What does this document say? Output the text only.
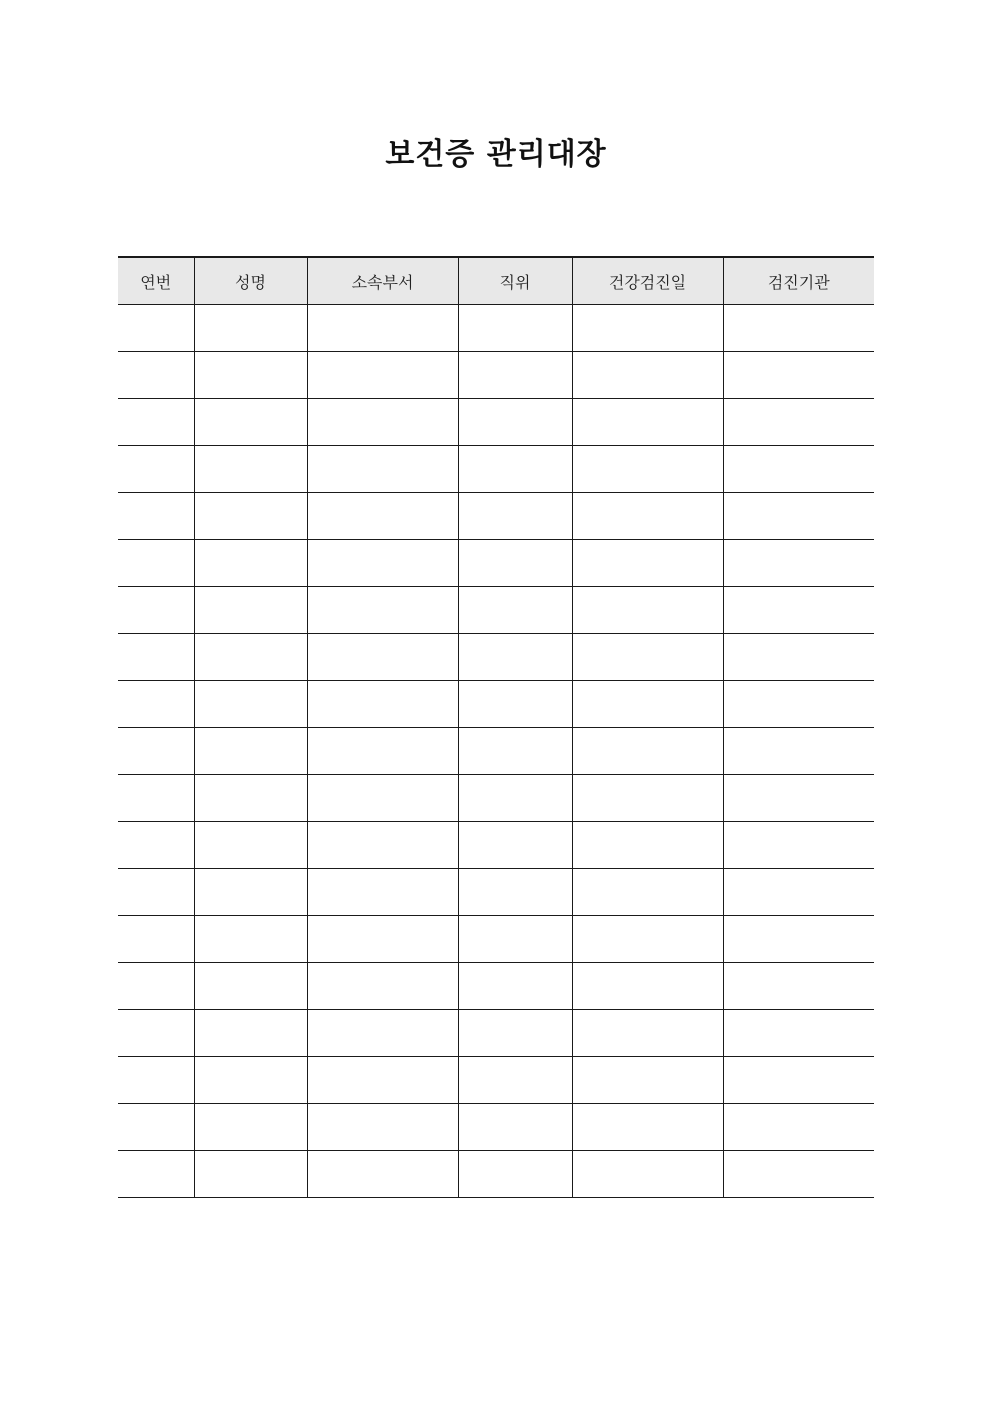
보건증 관리대장
연번	성명	소속부서	직위	건강검진일	검진기관
